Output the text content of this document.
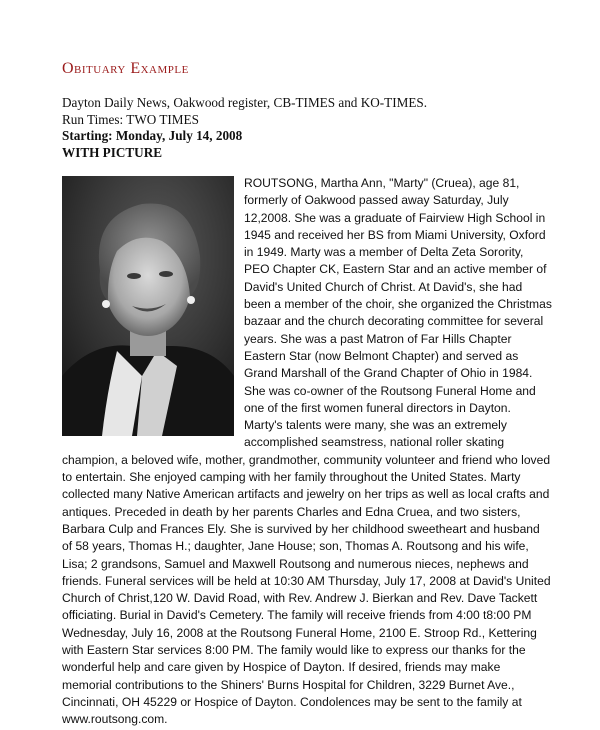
Obituary Example
Dayton Daily News, Oakwood register, CB-TIMES and KO-TIMES.
Run Times: TWO TIMES
Starting: Monday, July 14, 2008
WITH PICTURE
ROUTSONG, Martha Ann, "Marty" (Cruea), age 81, formerly of Oakwood passed away Saturday, July 12,2008. She was a graduate of Fairview High School in 1945 and received her BS from Miami University, Oxford in 1949. Marty was a member of Delta Zeta Sorority, PEO Chapter CK, Eastern Star and an active member of David's United Church of Christ. At David's, she had been a member of the choir, she organized the Christmas bazaar and the church decorating committee for several years. She was a past Matron of Far Hills Chapter Eastern Star (now Belmont Chapter) and served as Grand Marshall of the Grand Chapter of Ohio in 1984. She was co-owner of the Routsong Funeral Home and one of the first women funeral directors in Dayton. Marty's talents were many, she was an extremely accomplished seamstress, national roller skating champion, a beloved wife, mother, grandmother, community volunteer and friend who loved to entertain. She enjoyed camping with her family throughout the United States. Marty collected many Native American artifacts and jewelry on her trips as well as local crafts and antiques. Preceded in death by her parents Charles and Edna Cruea, and two sisters, Barbara Culp and Frances Ely. She is survived by her childhood sweetheart and husband of 58 years, Thomas H.; daughter, Jane House; son, Thomas A. Routsong and his wife, Lisa; 2 grandsons, Samuel and Maxwell Routsong and numerous nieces, nephews and friends. Funeral services will be held at 10:30 AM Thursday, July 17, 2008 at David's United Church of Christ,120 W. David Road, with Rev. Andrew J. Bierkan and Rev. Dave Tackett officiating. Burial in David's Cemetery. The family will receive friends from 4:00 t8:00 PM Wednesday, July 16, 2008 at the Routsong Funeral Home, 2100 E. Stroop Rd., Kettering with Eastern Star services 8:00 PM. The family would like to express our thanks for the wonderful help and care given by Hospice of Dayton. If desired, friends may make memorial contributions to the Shiners' Burns Hospital for Children, 3229 Burnet Ave., Cincinnati, OH 45229 or Hospice of Dayton. Condolences may be sent to the family at www.routsong.com.
